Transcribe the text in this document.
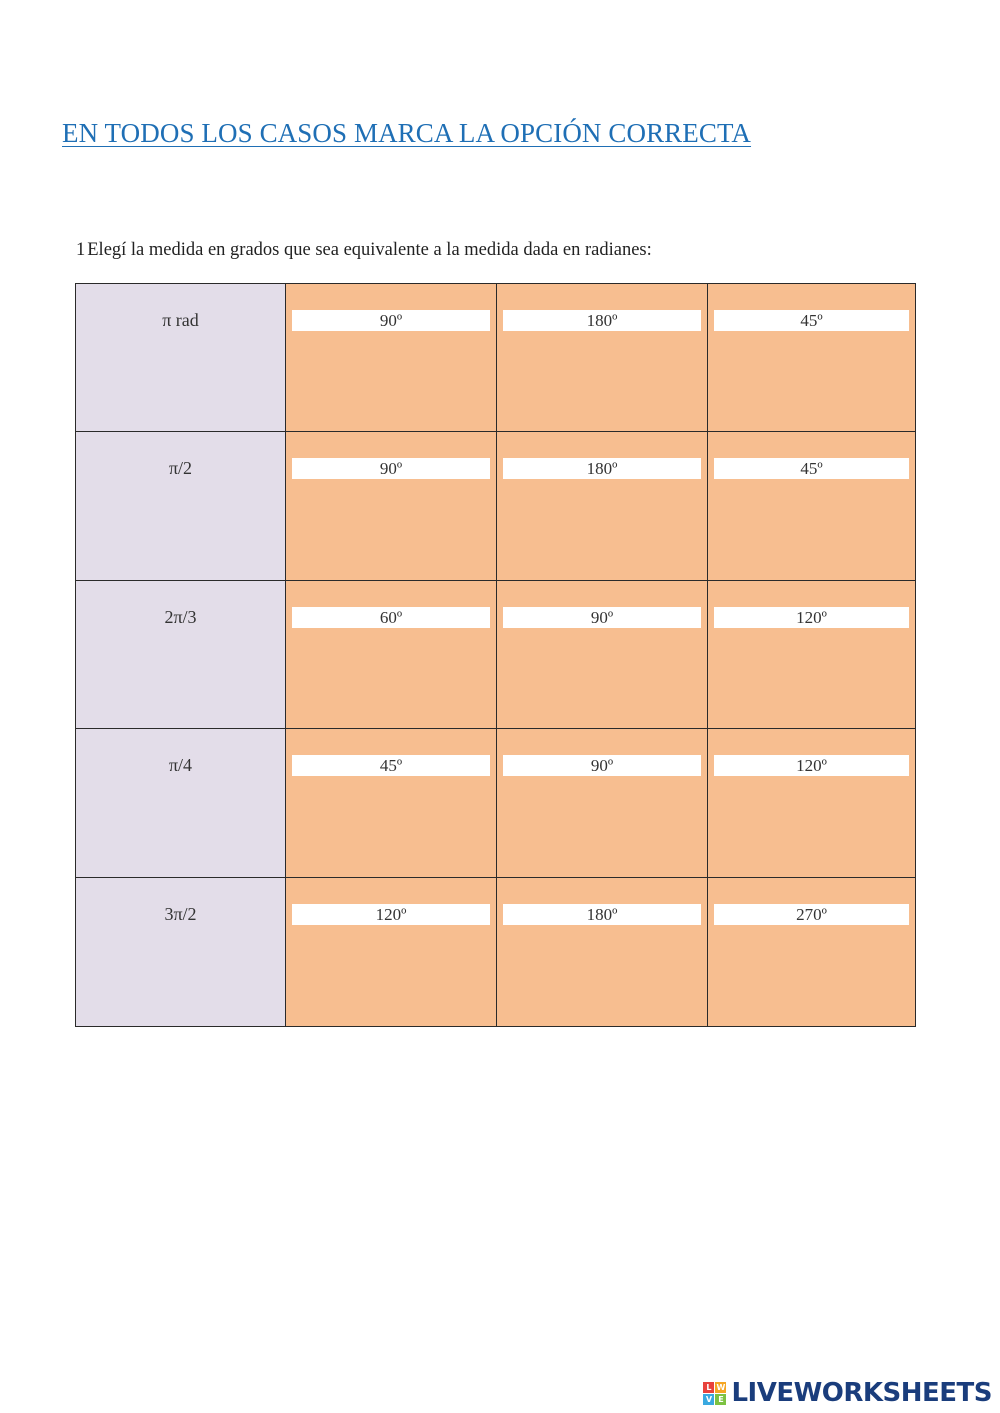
EN TODOS LOS CASOS MARCA LA OPCIÓN CORRECTA
1 Elegí la medida en grados que sea equivalente a la medida dada en radianes:
π rad	90º	180º	45º
π/2	90º	180º	45º
2π/3	60º	90º	120º
π/4	45º	90º	120º
3π/2	120º	180º	270º
L W
V E LIVEWORKSHEETS
